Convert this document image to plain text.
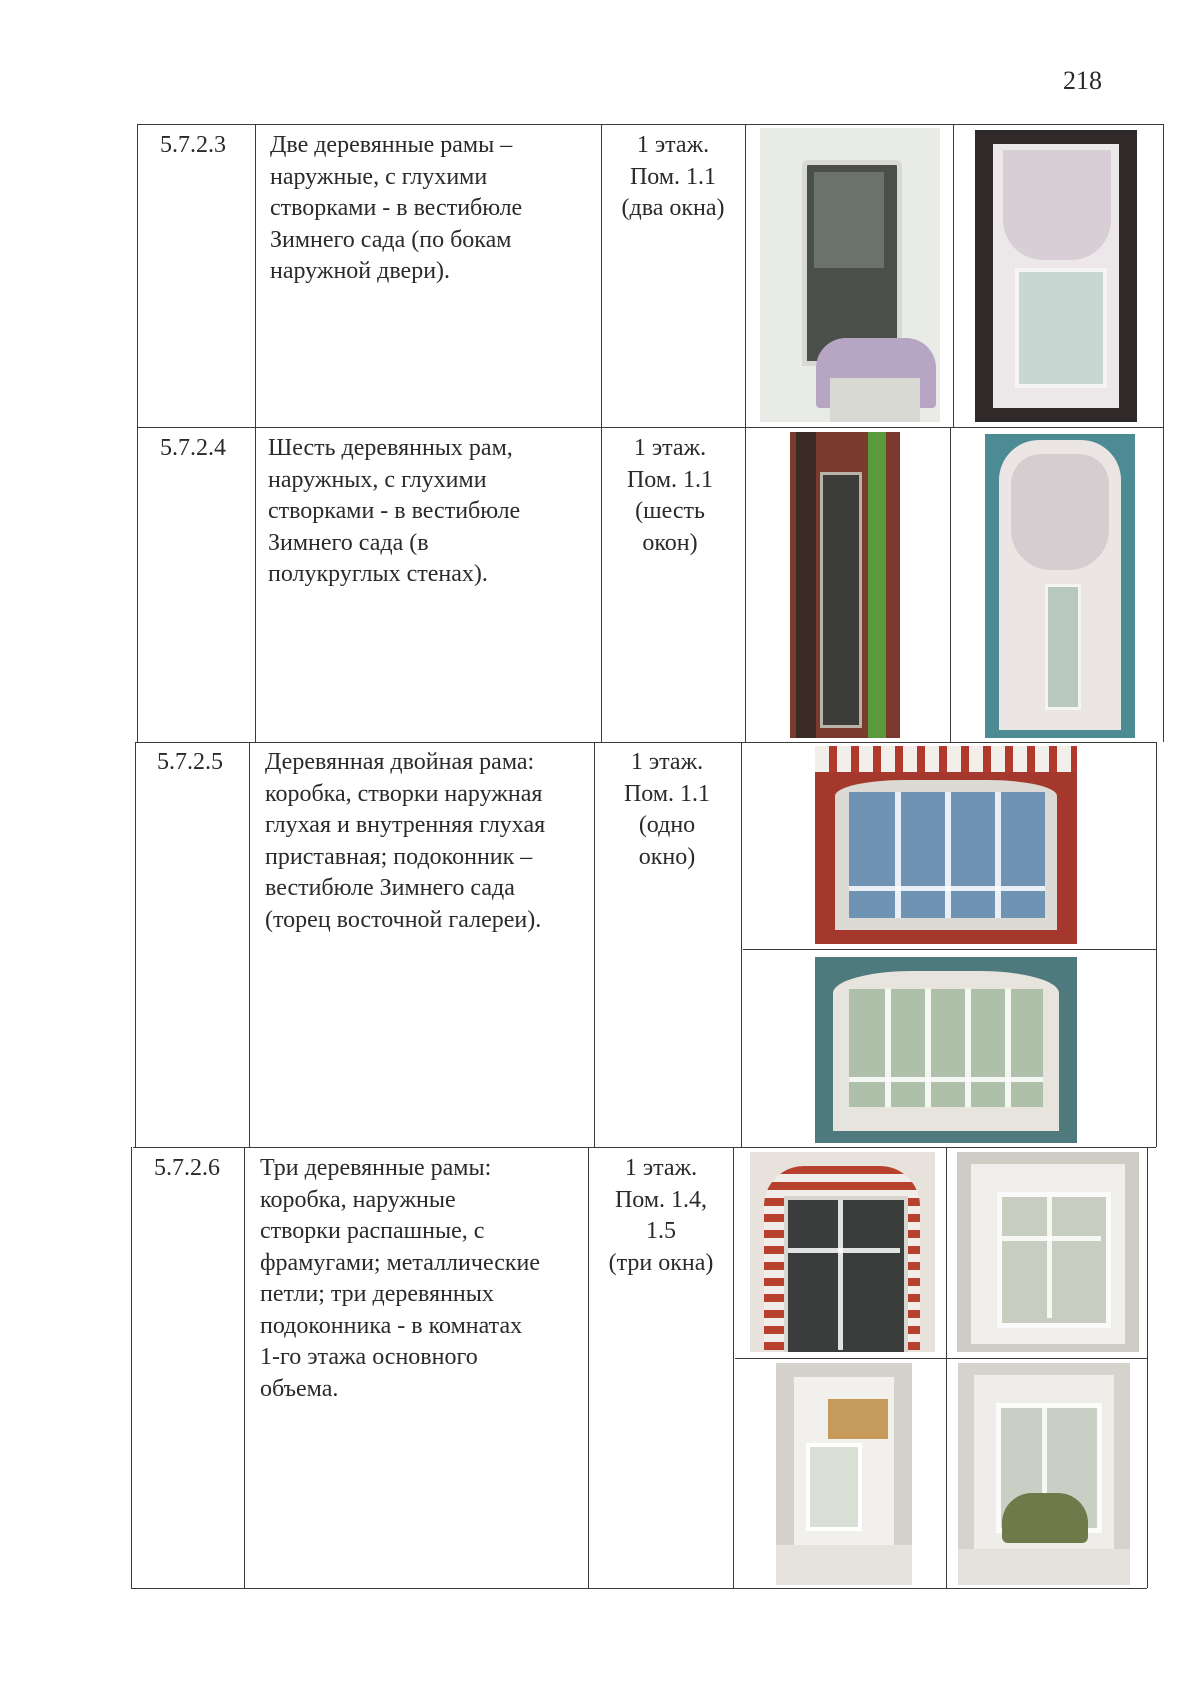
218
5.7.2.3 Две деревянные рамы –
наружные, с глухими
створками - в вестибюле
Зимнего сада (по бокам
наружной двери).
1 этаж.
Пом. 1.1
(два окна)
5.7.2.4 Шесть деревянных рам,
наружных, с глухими
створками - в вестибюле
Зимнего сада (в
полукруглых стенах).
1 этаж.
Пом. 1.1
(шесть
окон)
5.7.2.5 Деревянная двойная рама:
коробка, створки наружная
глухая и внутренняя глухая
приставная; подоконник –
вестибюле Зимнего сада
(торец восточной галереи).
1 этаж.
Пом. 1.1
(одно
окно)
5.7.2.6 Три деревянные рамы:
коробка, наружные
створки распашные, с
фрамугами; металлические
петли; три деревянных
подоконника - в комнатах
1-го этажа основного
объема.
1 этаж.
Пом. 1.4,
1.5
(три окна)
